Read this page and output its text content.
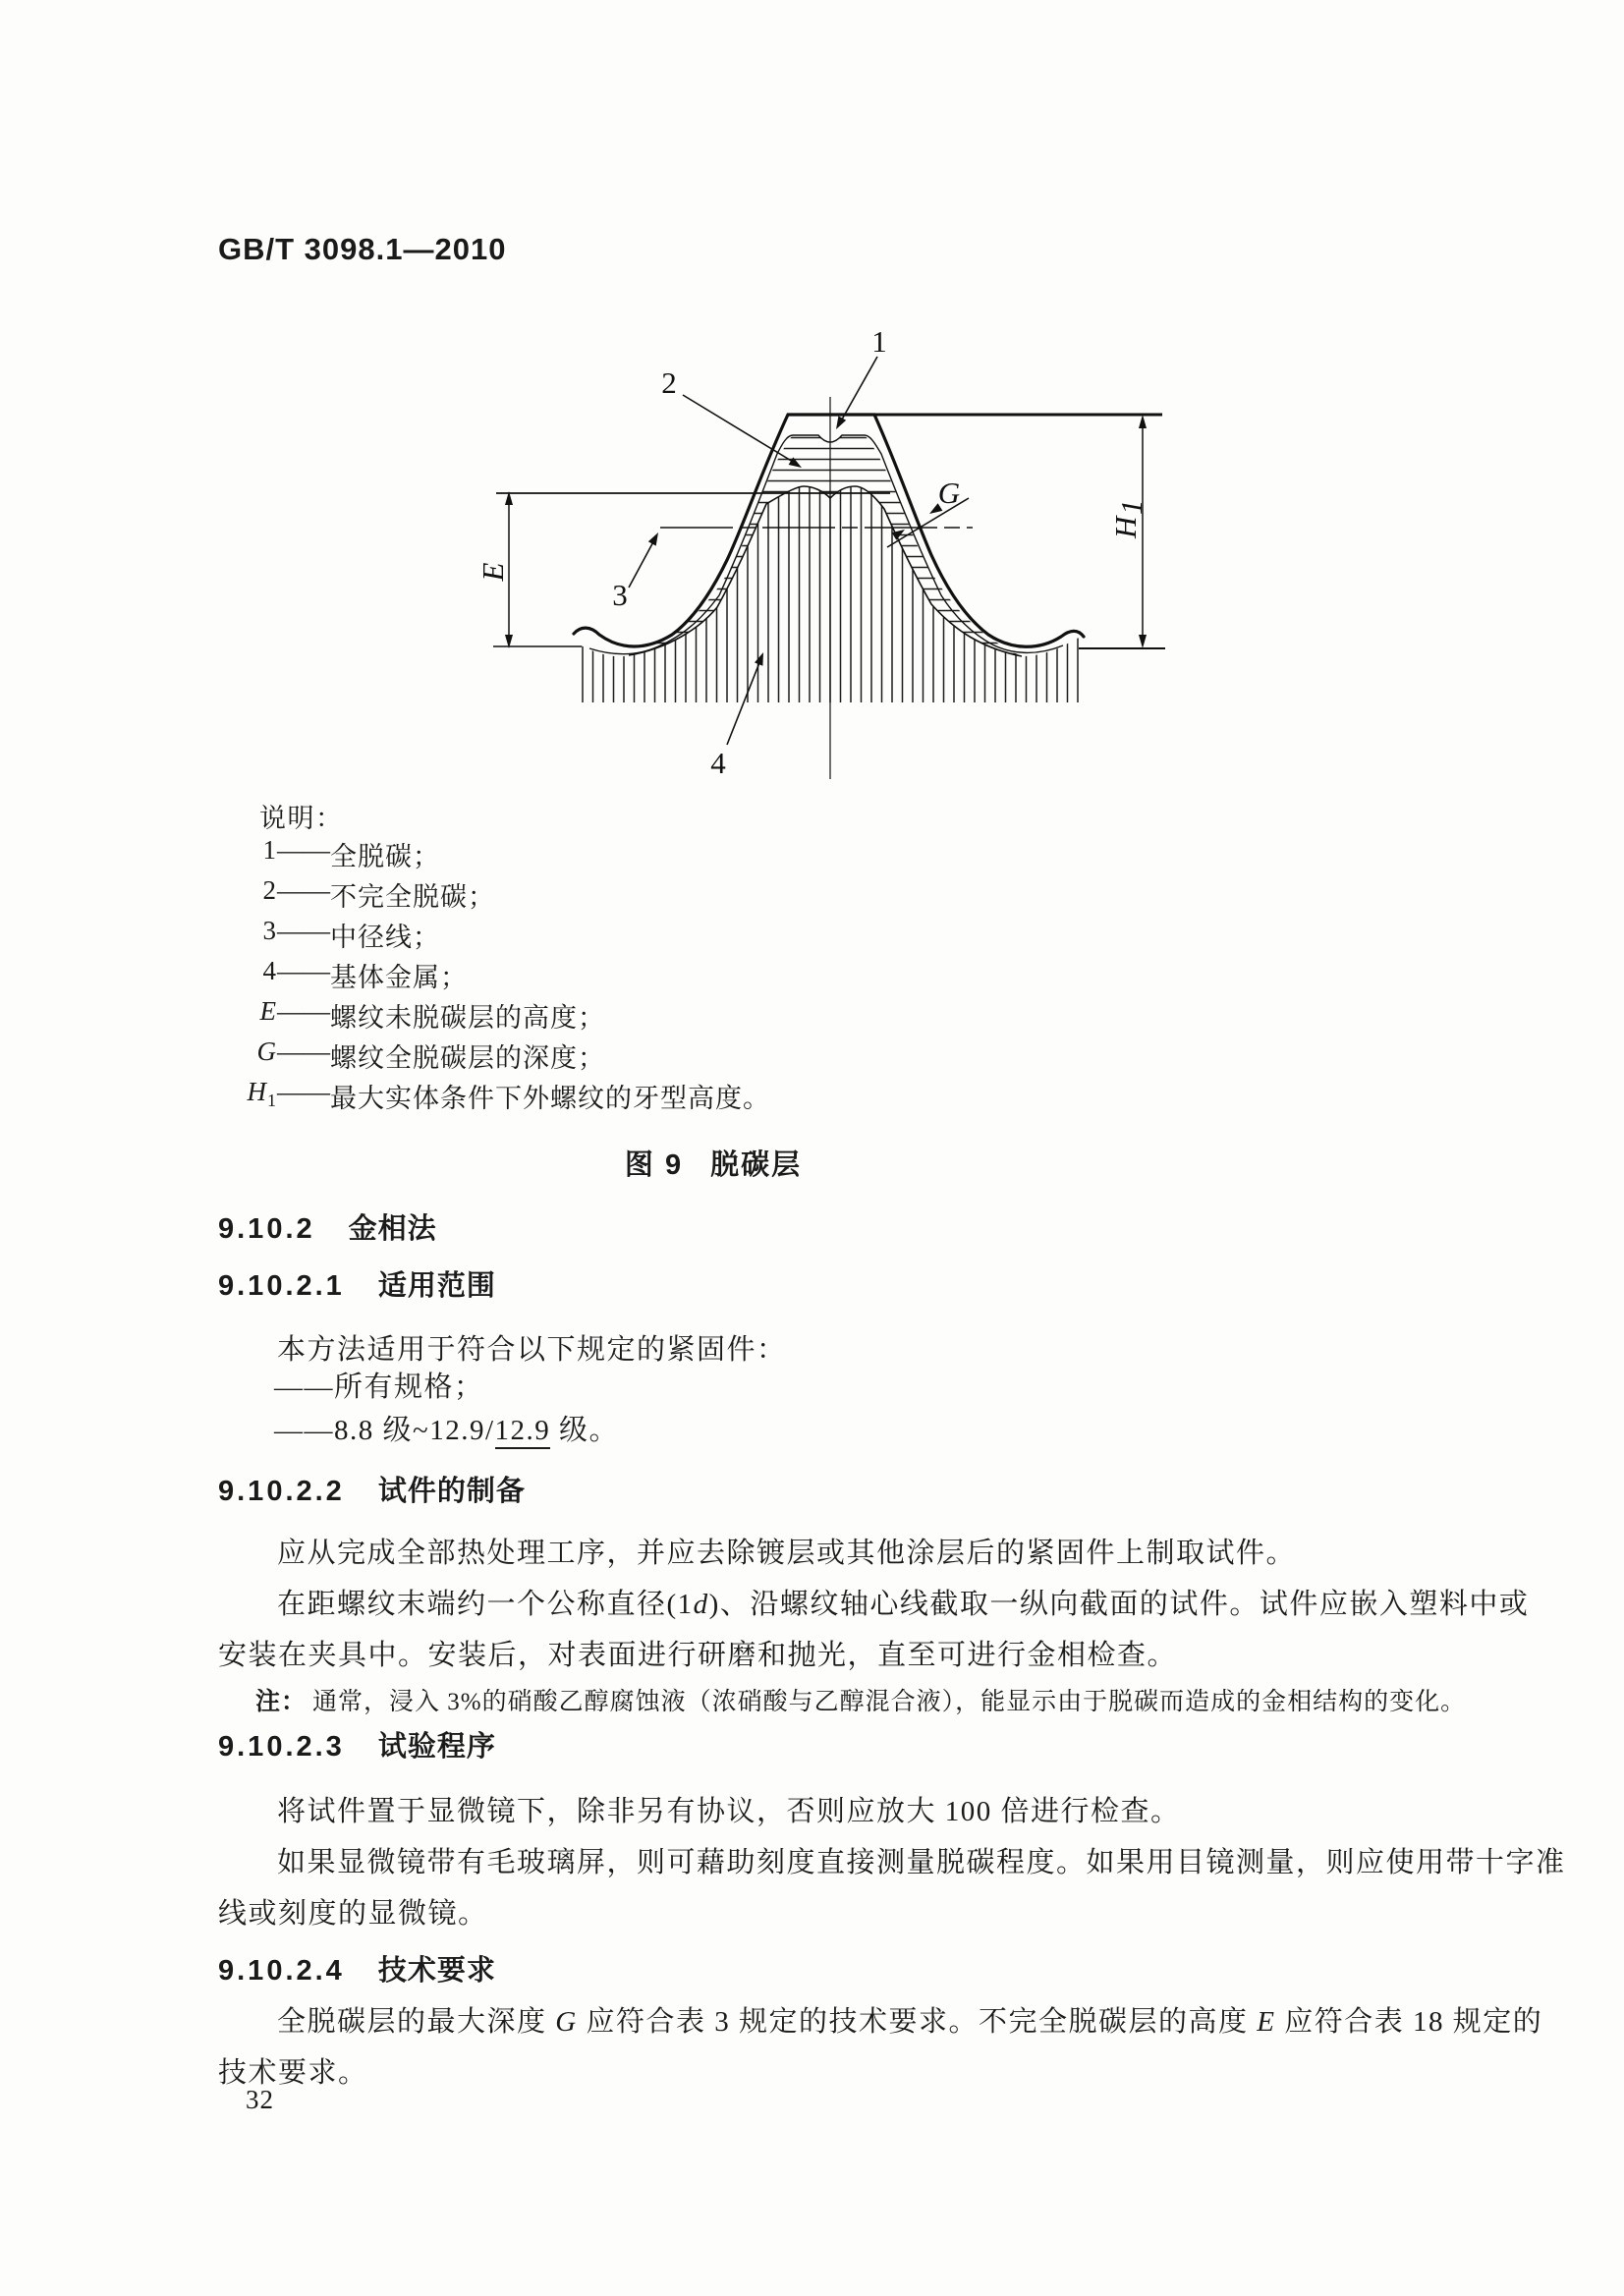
GB/T 3098.1—2010
E
H
1
1
2
3
4
G
说明：
1 —— 全脱碳；
2 —— 不完全脱碳；
3 —— 中径线；
4 —— 基体金属；
E —— 螺纹未脱碳层的高度；
G —— 螺纹全脱碳层的深度；
$H_1$ —— 最大实体条件下外螺纹的牙型高度。
图 9 脱碳层
9.10.2 金相法
9.10.2.1 适用范围
本方法适用于符合以下规定的紧固件：
——所有规格；
——8.8 级~12.9/12.9 级。
9.10.2.2 试件的制备
应从完成全部热处理工序，并应去除镀层或其他涂层后的紧固件上制取试件。
在距螺纹末端约一个公称直径(1d)、沿螺纹轴心线截取一纵向截面的试件。试件应嵌入塑料中或
安装在夹具中。安装后，对表面进行研磨和抛光，直至可进行金相检查。
注： 通常，浸入 3%的硝酸乙醇腐蚀液（浓硝酸与乙醇混合液），能显示由于脱碳而造成的金相结构的变化。
9.10.2.3 试验程序
将试件置于显微镜下，除非另有协议，否则应放大 100 倍进行检查。
如果显微镜带有毛玻璃屏，则可藉助刻度直接测量脱碳程度。如果用目镜测量，则应使用带十字准
线或刻度的显微镜。
9.10.2.4 技术要求
全脱碳层的最大深度 G 应符合表 3 规定的技术要求。不完全脱碳层的高度 E 应符合表 18 规定的
技术要求。
32
